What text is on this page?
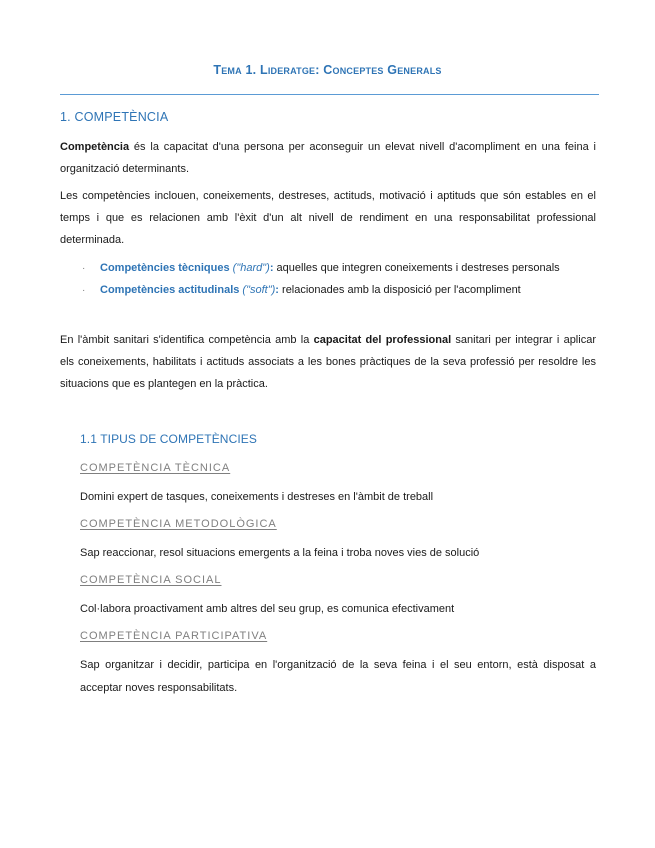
Tema 1. Lideratge: Conceptes Generals
1. COMPETÈNCIA
Competència és la capacitat d'una persona per aconseguir un elevat nivell d'acompliment en una feina i organització determinants.
Les competències inclouen, coneixements, destreses, actituds, motivació i aptituds que són estables en el temps i que es relacionen amb l'èxit d'un alt nivell de rendiment en una responsabilitat professional determinada.
· Competències tècniques ("hard"): aquelles que integren coneixements i destreses personals
· Competències actitudinals ("soft"): relacionades amb la disposició per l'acompliment
En l'àmbit sanitari s'identifica competència amb la capacitat del professional sanitari per integrar i aplicar els coneixements, habilitats i actituds associats a les bones pràctiques de la seva professió per resoldre les situacions que es plantegen en la pràctica.
1.1 TIPUS DE COMPETÈNCIES
COMPETÈNCIA TÈCNICA
Domini expert de tasques, coneixements i destreses en l'àmbit de treball
COMPETÈNCIA METODOLÒGICA
Sap reaccionar, resol situacions emergents a la feina i troba noves vies de solució
COMPETÈNCIA SOCIAL
Col·labora proactivament amb altres del seu grup, es comunica efectivament
COMPETÈNCIA PARTICIPATIVA
Sap organitzar i decidir, participa en l'organització de la seva feina i el seu entorn, està disposat a acceptar noves responsabilitats.
